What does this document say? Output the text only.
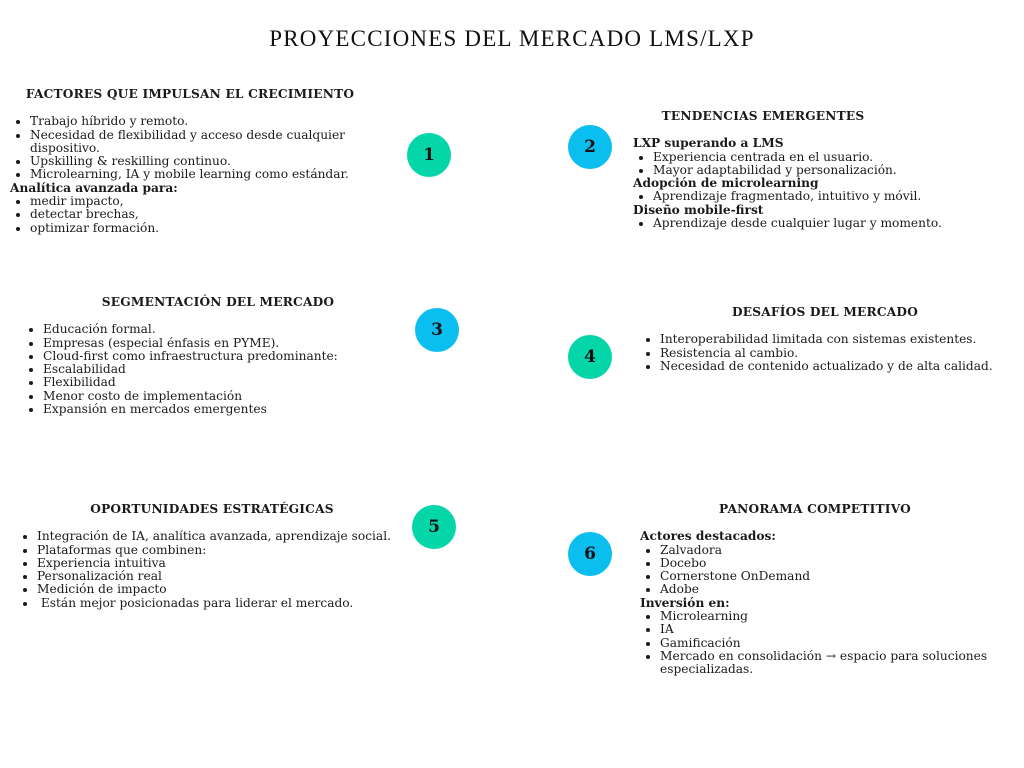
PROYECCIONES DEL MERCADO LMS/LXP
FACTORES QUE IMPULSAN EL CRECIMIENTO
• Trabajo híbrido y remoto.
• Necesidad de flexibilidad y acceso desde cualquier dispositivo.
• Upskilling & reskilling continuo.
• Microlearning, IA y mobile learning como estándar.
Analítica avanzada para:
• medir impacto,
• detectar brechas,
• optimizar formación.
1
TENDENCIAS EMERGENTES
LXP superando a LMS
• Experiencia centrada en el usuario.
• Mayor adaptabilidad y personalización.
Adopción de microlearning
• Aprendizaje fragmentado, intuitivo y móvil.
Diseño mobile-first
• Aprendizaje desde cualquier lugar y momento.
2
SEGMENTACIÓN DEL MERCADO
• Educación formal.
• Empresas (especial énfasis en PYME).
• Cloud-first como infraestructura predominante:
• Escalabilidad
• Flexibilidad
• Menor costo de implementación
• Expansión en mercados emergentes
3
DESAFÍOS DEL MERCADO
• Interoperabilidad limitada con sistemas existentes.
• Resistencia al cambio.
• Necesidad de contenido actualizado y de alta calidad.
4
OPORTUNIDADES ESTRATÉGICAS
• Integración de IA, analítica avanzada, aprendizaje social.
• Plataformas que combinen:
• Experiencia intuitiva
• Personalización real
• Medición de impacto
•  Están mejor posicionadas para liderar el mercado.
5
PANORAMA COMPETITIVO
Actores destacados:
• Zalvadora
• Docebo
• Cornerstone OnDemand
• Adobe
Inversión en:
• Microlearning
• IA
• Gamificación
• Mercado en consolidación → espacio para soluciones especializadas.
6
